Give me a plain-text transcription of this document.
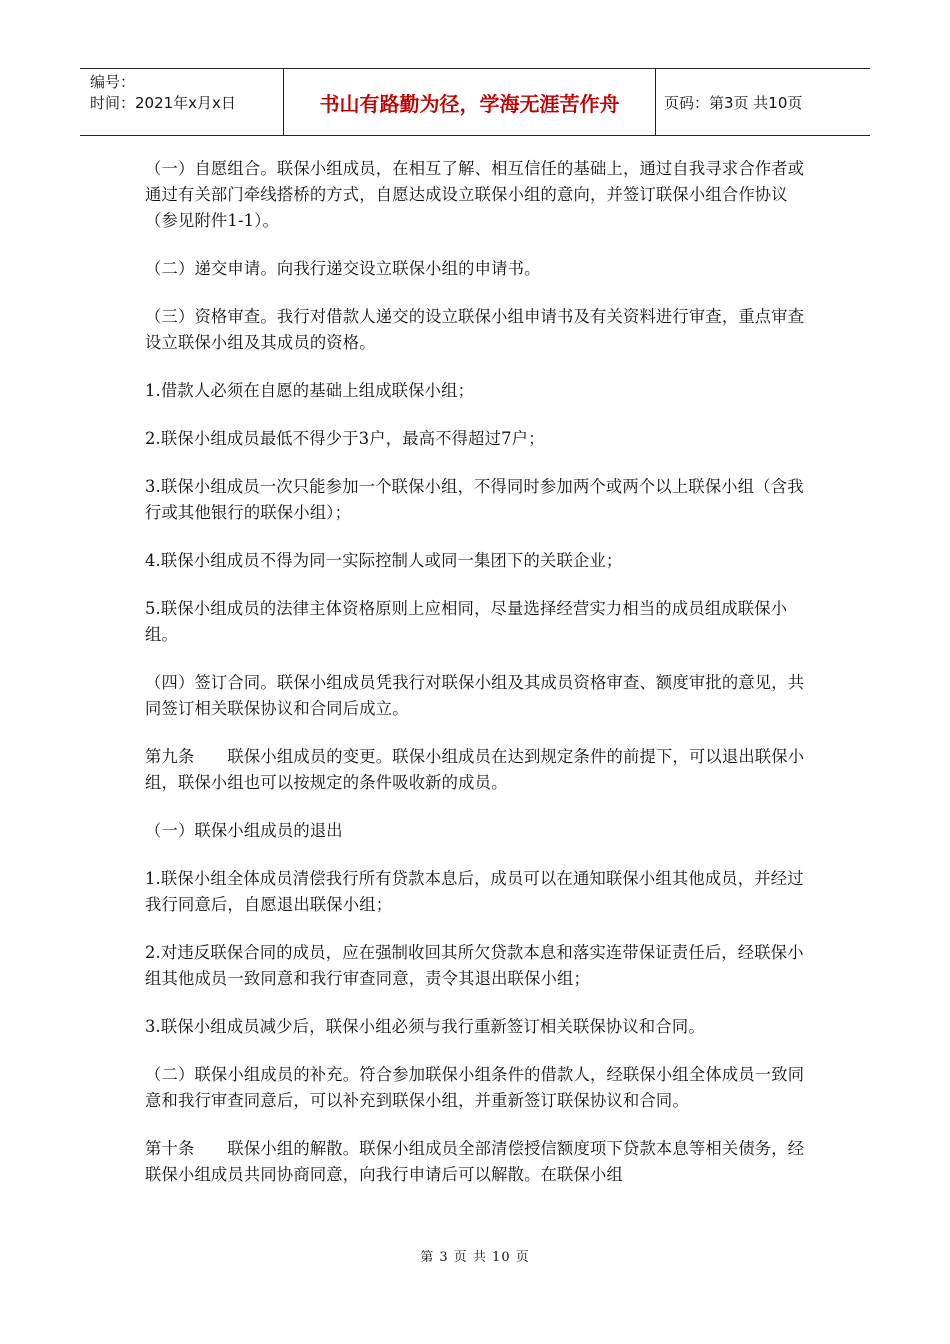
编号：
时间：2021年x月x日	书山有路勤为径，学海无涯苦作舟	页码：第3页 共10页

（一）自愿组合。联保小组成员，在相互了解、相互信任的基础上，通过自我寻求合作者或通过有关部门牵线搭桥的方式，自愿达成设立联保小组的意向，并签订联保小组合作协议（参见附件1-1）。

（二）递交申请。向我行递交设立联保小组的申请书。

（三）资格审查。我行对借款人递交的设立联保小组申请书及有关资料进行审查，重点审查设立联保小组及其成员的资格。

1.借款人必须在自愿的基础上组成联保小组；

2.联保小组成员最低不得少于3户，最高不得超过7户；

3.联保小组成员一次只能参加一个联保小组，不得同时参加两个或两个以上联保小组（含我行或其他银行的联保小组）；

4.联保小组成员不得为同一实际控制人或同一集团下的关联企业；

5.联保小组成员的法律主体资格原则上应相同，尽量选择经营实力相当的成员组成联保小组。

（四）签订合同。联保小组成员凭我行对联保小组及其成员资格审查、额度审批的意见，共同签订相关联保协议和合同后成立。

第九条　　联保小组成员的变更。联保小组成员在达到规定条件的前提下，可以退出联保小组，联保小组也可以按规定的条件吸收新的成员。

（一）联保小组成员的退出

1.联保小组全体成员清偿我行所有贷款本息后，成员可以在通知联保小组其他成员，并经过我行同意后，自愿退出联保小组；

2.对违反联保合同的成员，应在强制收回其所欠贷款本息和落实连带保证责任后，经联保小组其他成员一致同意和我行审查同意，责令其退出联保小组；

3.联保小组成员减少后，联保小组必须与我行重新签订相关联保协议和合同。

（二）联保小组成员的补充。符合参加联保小组条件的借款人，经联保小组全体成员一致同意和我行审查同意后，可以补充到联保小组，并重新签订联保协议和合同。

第十条　　联保小组的解散。联保小组成员全部清偿授信额度项下贷款本息等相关债务，经联保小组成员共同协商同意，向我行申请后可以解散。在联保小组

第 3 页 共 10 页
